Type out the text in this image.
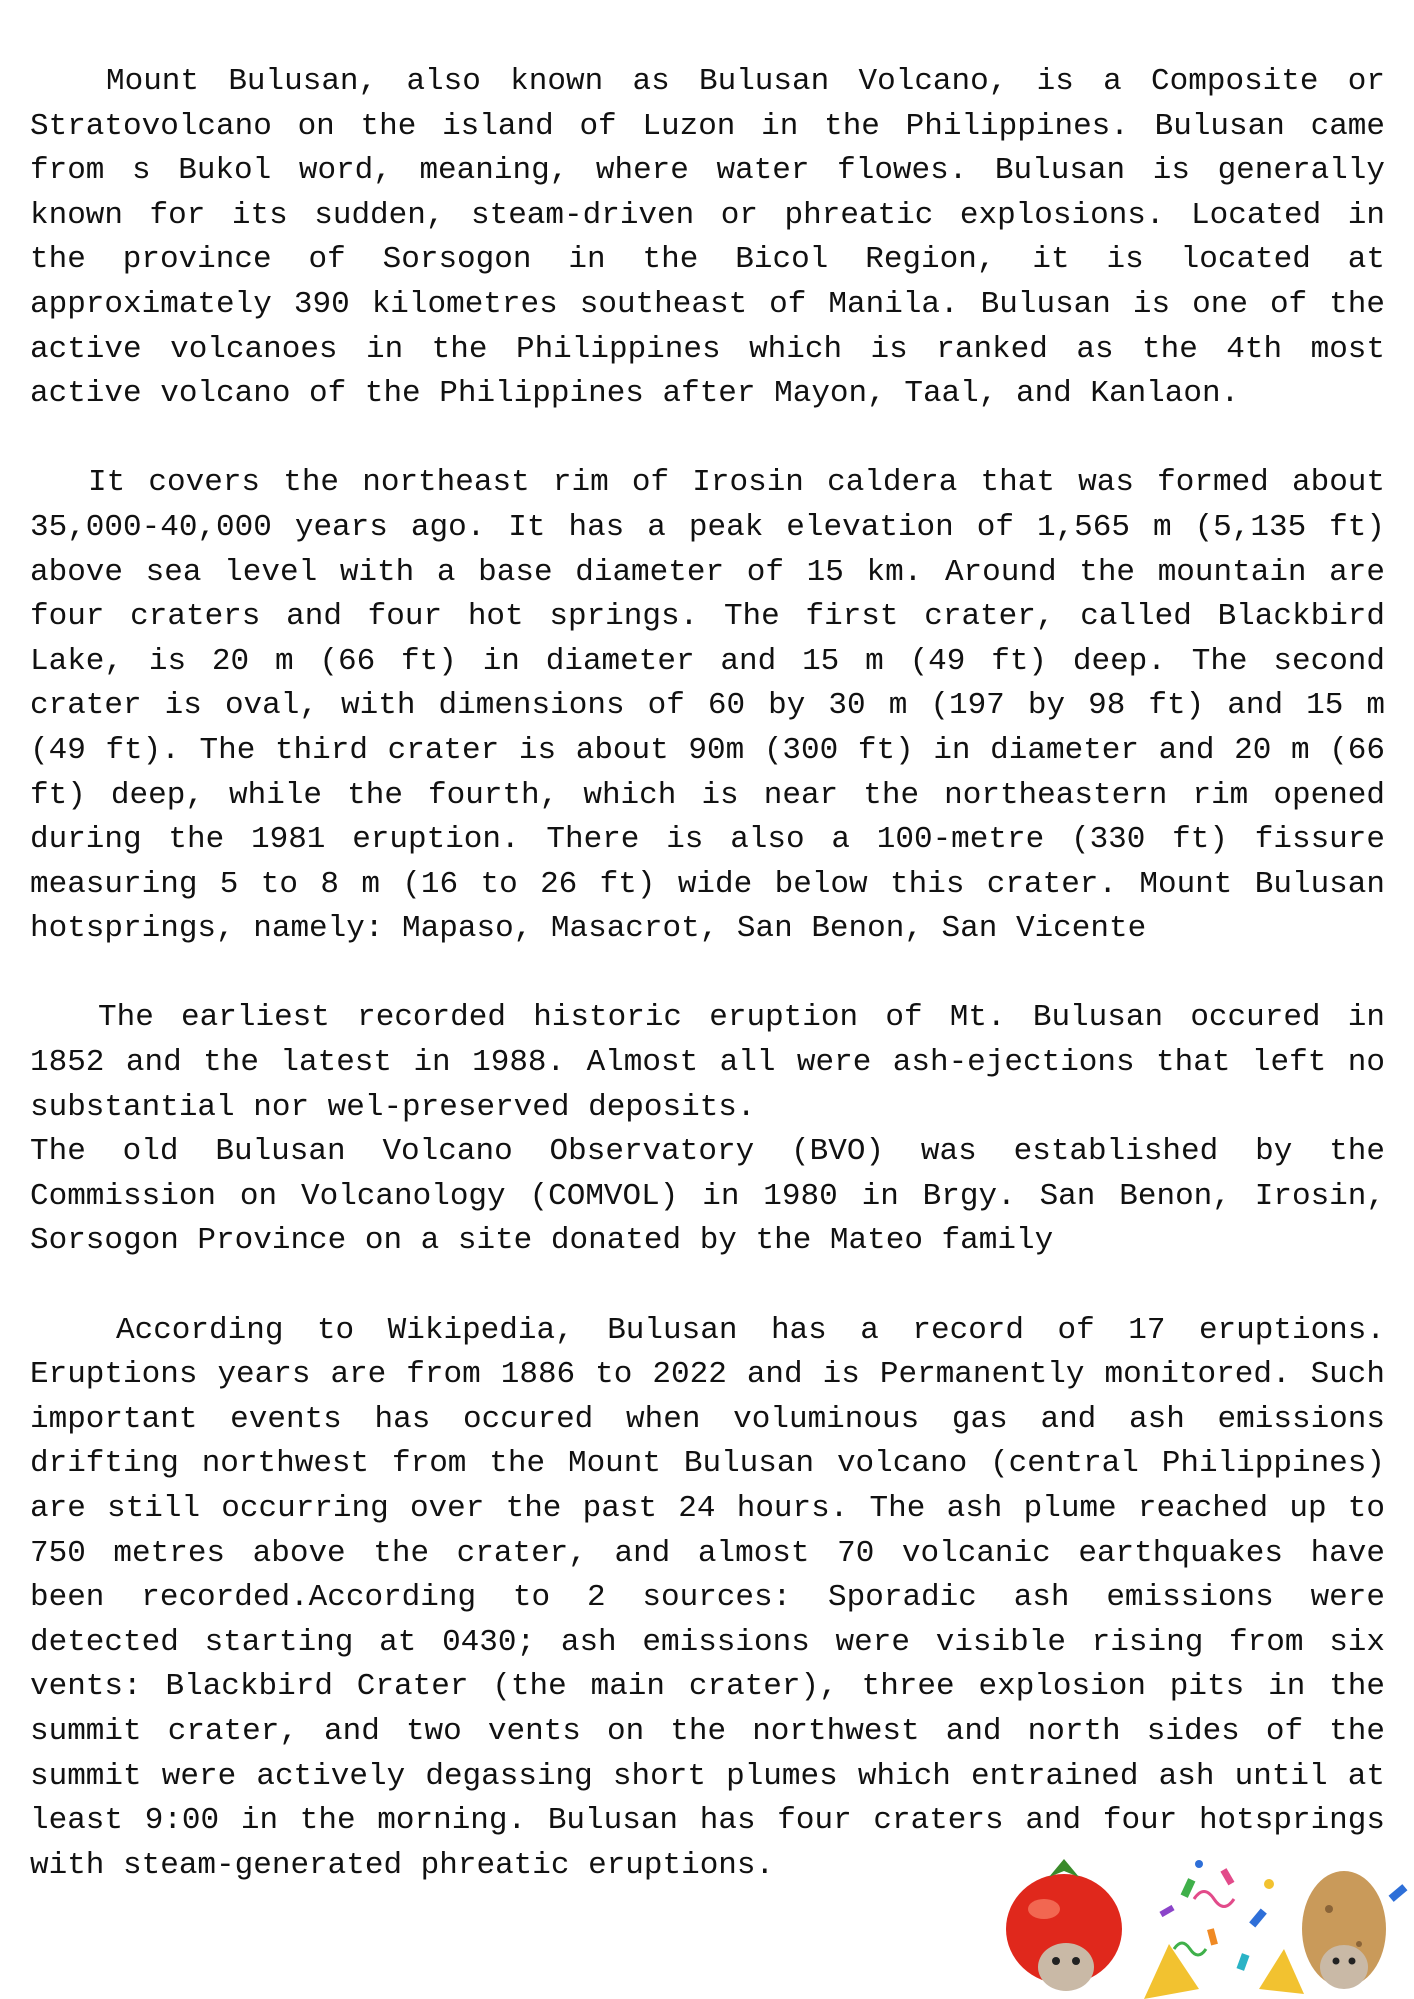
Mount Bulusan, also known as Bulusan Volcano, is a Composite or Stratovolcano on the island of Luzon in the Philippines. Bulusan came from s Bukol word, meaning, where water flowes. Bulusan is generally known for its sudden, steam-driven or phreatic explosions. Located in the province of Sorsogon in the Bicol Region, it is located at approximately 390 kilometres southeast of Manila. Bulusan is one of the active volcanoes in the Philippines which is ranked as the 4th most active volcano of the Philippines after Mayon, Taal, and Kanlaon.

It covers the northeast rim of Irosin caldera that was formed about 35,000-40,000 years ago. It has a peak elevation of 1,565 m (5,135 ft) above sea level with a base diameter of 15 km. Around the mountain are four craters and four hot springs. The first crater, called Blackbird Lake, is 20 m (66 ft) in diameter and 15 m (49 ft) deep. The second crater is oval, with dimensions of 60 by 30 m (197 by 98 ft) and 15 m (49 ft). The third crater is about 90m (300 ft) in diameter and 20 m (66 ft) deep, while the fourth, which is near the northeastern rim opened during the 1981 eruption. There is also a 100-metre (330 ft) fissure measuring 5 to 8 m (16 to 26 ft) wide below this crater. Mount Bulusan hotsprings, namely: Mapaso, Masacrot, San Benon, San Vicente

The earliest recorded historic eruption of Mt. Bulusan occured in 1852 and the latest in 1988. Almost all were ash-ejections that left no substantial nor wel-preserved deposits.

The old Bulusan Volcano Observatory (BVO) was established by the Commission on Volcanology (COMVOL) in 1980 in Brgy. San Benon, Irosin, Sorsogon Province on a site donated by the Mateo family

According to Wikipedia, Bulusan has a record of 17 eruptions. Eruptions years are from 1886 to 2022 and is Permanently monitored. Such important events has occured when voluminous gas and ash emissions drifting northwest from the Mount Bulusan volcano (central Philippines) are still occurring over the past 24 hours. The ash plume reached up to 750 metres above the crater, and almost 70 volcanic earthquakes have been recorded.According to 2 sources: Sporadic ash emissions were detected starting at 0430; ash emissions were visible rising from six vents: Blackbird Crater (the main crater), three explosion pits in the summit crater, and two vents on the northwest and north sides of the summit were actively degassing short plumes which entrained ash until at least 9:00 in the morning. Bulusan has four craters and four hotsprings with steam-generated phreatic eruptions.
